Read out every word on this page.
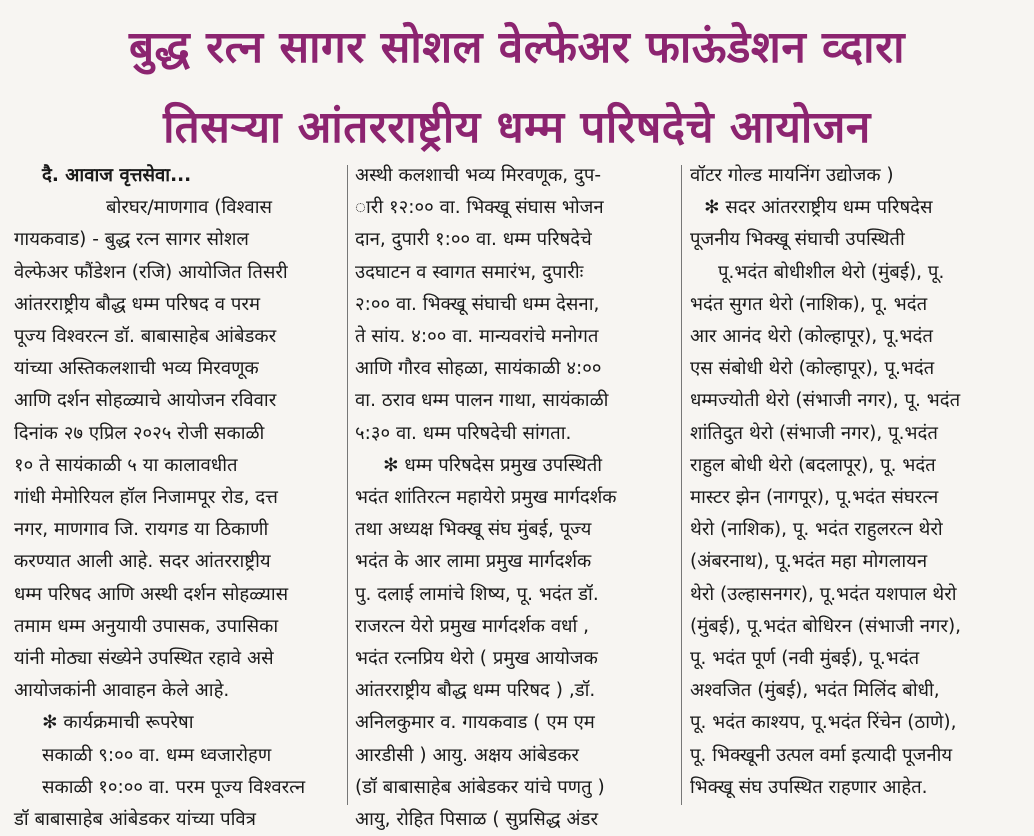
बुद्ध रत्न सागर सोशल वेल्फेअर फाऊंडेशन व्दारा
तिसऱ्या आंतरराष्ट्रीय धम्म परिषदेचे आयोजन
दै. आवाज वृत्तसेवा...
बोरघर/माणगाव (विश्वास
गायकवाड) - बुद्ध रत्न सागर सोशल
वेल्फेअर फौंडेशन (रजि) आयोजित तिसरी
आंतरराष्ट्रीय बौद्ध धम्म परिषद व परम
पूज्य विश्वरत्न डॉ. बाबासाहेब आंबेडकर
यांच्या अस्तिकलशाची भव्य मिरवणूक
आणि दर्शन सोहळ्याचे आयोजन रविवार
दिनांक २७ एप्रिल २०२५ रोजी सकाळी
१० ते सायंकाळी ५ या कालावधीत
गांधी मेमोरियल हॉल निजामपूर रोड, दत्त
नगर, माणगाव जि. रायगड या ठिकाणी
करण्यात आली आहे. सदर आंतरराष्ट्रीय
धम्म परिषद आणि अस्थी दर्शन सोहळ्यास
तमाम धम्म अनुयायी उपासक, उपासिका
यांनी मोठ्या संख्येने उपस्थित रहावे असे
आयोजकांनी आवाहन केले आहे.
✻ कार्यक्रमाची रूपरेषा
सकाळी ९:०० वा. धम्म ध्वजारोहण
सकाळी १०:०० वा. परम पूज्य विश्वरत्न
डॉ बाबासाहेब आंबेडकर यांच्या पवित्र
अस्थी कलशाची भव्य मिरवणूक, दुप-
ारी १२:०० वा. भिक्खू संघास भोजन
दान, दुपारी १:०० वा. धम्म परिषदेचे
उदघाटन व स्वागत समारंभ, दुपारीः
२:०० वा. भिक्खू संघाची धम्म देसना,
ते सांय. ४:०० वा. मान्यवरांचे मनोगत
आणि गौरव सोहळा, सायंकाळी ४:००
वा. ठराव धम्म पालन गाथा, सायंकाळी
५:३० वा. धम्म परिषदेची सांगता.
✻ धम्म परिषदेस प्रमुख उपस्थिती
भदंत शांतिरत्न महायेरो प्रमुख मार्गदर्शक
तथा अध्यक्ष भिक्खू संघ मुंबई, पूज्य
भदंत के आर लामा प्रमुख मार्गदर्शक
पु. दलाई लामांचे शिष्य, पू. भदंत डॉ.
राजरत्न येरो प्रमुख मार्गदर्शक वर्धा ,
भदंत रत्नप्रिय थेरो ( प्रमुख आयोजक
आंतरराष्ट्रीय बौद्ध धम्म परिषद ) ,डॉ.
अनिलकुमार व. गायकवाड ( एम एम
आरडीसी ) आयु. अक्षय आंबेडकर
(डॉ बाबासाहेब आंबेडकर यांचे पणतु )
आयु, रोहित पिसाळ ( सुप्रसिद्ध अंडर
वॉटर गोल्ड मायनिंग उद्योजक )
✻ सदर आंतरराष्ट्रीय धम्म परिषदेस
पूजनीय भिक्खू संघाची उपस्थिती
पू.भदंत बोधीशील थेरो (मुंबई), पू.
भदंत सुगत थेरो (नाशिक), पू. भदंत
आर आनंद थेरो (कोल्हापूर), पू.भदंत
एस संबोधी थेरो (कोल्हापूर), पू.भदंत
धम्मज्योती थेरो (संभाजी नगर), पू. भदंत
शांतिदुत थेरो (संभाजी नगर), पू.भदंत
राहुल बोधी थेरो (बदलापूर), पू. भदंत
मास्टर झेन (नागपूर), पू.भदंत संघरत्न
थेरो (नाशिक), पू. भदंत राहुलरत्न थेरो
(अंबरनाथ), पू.भदंत महा मोगलायन
थेरो (उल्हासनगर), पू.भदंत यशपाल थेरो
(मुंबई), पू.भदंत बोधिरन (संभाजी नगर),
पू. भदंत पूर्ण (नवी मुंबई), पू.भदंत
अश्वजित (मुंबई), भदंत मिलिंद बोधी,
पू. भदंत काश्यप, पू.भदंत रिंचेन (ठाणे),
पू. भिक्खूनी उत्पल वर्मा इत्यादी पूजनीय
भिक्खू संघ उपस्थित राहणार आहेत.
